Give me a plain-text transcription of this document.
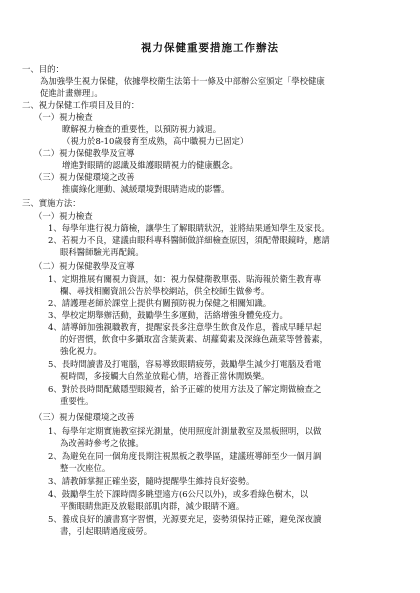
視力保健重要措施工作辦法
一、目的：
為加強學生視力保健，依據學校衛生法第十一條及中部辦公室頒定「學校健康
促進計畫辦理」。
二、視力保健工作項目及目的：
（一）視力檢查
瞭解視力檢查的重要性，以預防視力減退。
（視力於8-10歲發育至成熟，高中職視力已固定）
（二）視力保健教學及宣導
增進對眼睛的認識及維護眼睛視力的健康觀念。
（三）視力保健環境之改善
推廣綠化運動、減緩環境對眼睛造成的影響。
三、實施方法：
（一）視力檢查
1、每學年進行視力篩檢，讓學生了解眼睛狀況，並將結果通知學生及家長。
2、若視力不良，建議由眼科專科醫師做詳細檢查原因，須配帶眼鏡時，應請
眼科醫師驗光再配鏡。
（二）視力保健教學及宣導
1、定期推展有關視力資訊，如：視力保健衛教單張、貼海報於衛生教育專
欄、尋找相關資訊公告於學校網站，供全校師生做參考。
2、請護理老師於課堂上提供有關預防視力保健之相關知識。
3、學校定期舉辦活動，鼓勵學生多運動，活絡增強身體免疫力。
4、請導師加強親職教育，提醒家長多注意學生飲食及作息，養成早睡早起
的好習慣，飲食中多攝取富含葉黃素、胡蘿蔔素及深綠色蔬菜等營養素，
強化視力。
5、長時間讀書及打電腦，容易導致眼睛疲勞，鼓勵學生減少打電腦及看電
視時間，多接觸大自然並放鬆心情，培養正當休閒娛樂。
6、對於長時間配戴隱型眼鏡者，給予正確的使用方法及了解定期做檢查之
重要性。
（三）視力保健環境之改善
1、每學年定期實施教室採光測量，使用照度計測量教室及黑板照明，以做
為改善時參考之依據。
2、為避免在同一個角度長期注視黑板之教學區，建議班導師至少一個月調
整一次座位。
3、請教師掌握正確坐姿，隨時提醒學生維持良好姿勢。
4、鼓勵學生於下課時間多眺望遠方(6公尺以外)，或多看綠色樹木，以
平衡眼睛焦距及放鬆眼部肌肉群，減少眼睛不適。
5、養成良好的讀書寫字習慣，光源要充足，姿勢須保持正確，避免深夜讀
書，引起眼睛過度疲勞。
